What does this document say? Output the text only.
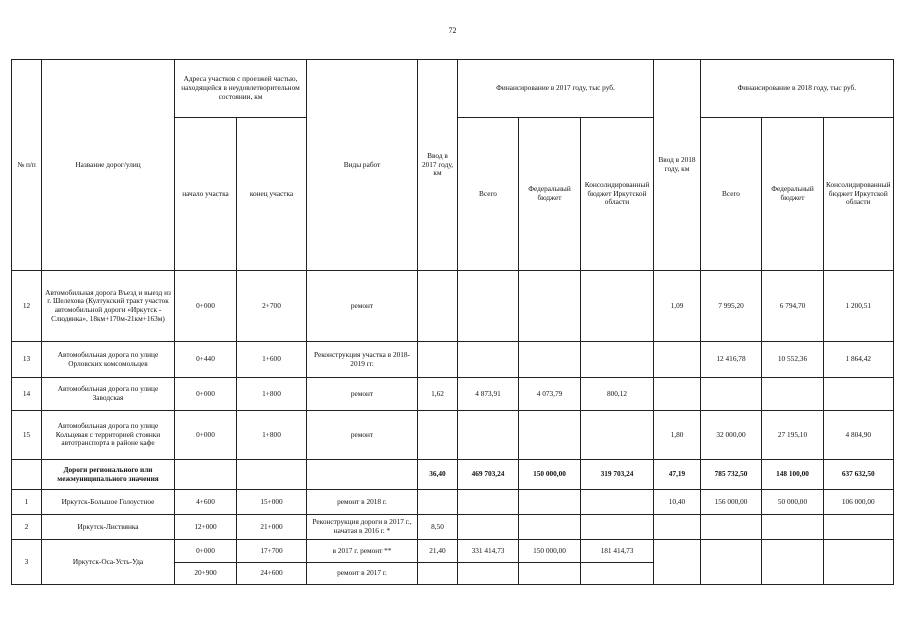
72
№ п/п	Название дорог/улиц	Адреса участков с проезжей частью, находящейся в неудовлетворительном состоянии, км		Виды работ	Ввод в 2017 году, км	Финансирование в 2017 году, тыс руб.			Ввод в 2018 году, км	Финансирование в 2018 году, тыс руб.		
		начало участка	конец участка			Всего	Федеральный бюджет	Консолидированный бюджет Иркутской области		Всего	Федеральный бюджет	Консолидированный бюджет Иркутской области
12	Автомобильная дорога Въезд и выезд из г. Шелехова (Култукский тракт участок автомобильной дороги «Иркутск - Слюдянка», 18км+170м-21км+163м)	0+000	2+700	ремонт					1,09	7 995,20	6 794,70	1 200,51
13	Автомобильная дорога по улице Орловских комсомольцев	0+440	1+600	Реконструкция участка в 2018-2019 гг.						12 416,78	10 552,36	1 864,42
14	Автомобильная дорога по улице Заводская	0+000	1+800	ремонт	1,62	4 873,91	4 073,79	800,12				
15	Автомобильная дорога по улице Кольцевая с территорией стоянки автотранспорта в районе кафе	0+000	1+800	ремонт					1,80	32 000,00	27 195,10	4 804,90
	Дороги регионального или межмуниципального значения				36,40	469 703,24	150 000,00	319 703,24	47,19	785 732,50	148 100,00	637 632,50
1	Иркутск-Большое Голоустное	4+600	15+000	ремонт в 2018 г.					10,40	156 000,00	50 000,00	106 000,00
2	Иркутск-Листвянка	12+000	21+000	Реконструкция дороги в 2017 г., начатая в 2016 г. *	8,50							
3	Иркутск-Оса-Усть-Уда	0+000	17+700	в 2017 г. ремонт **	21,40	331 414,73	150 000,00	181 414,73				
		20+900	24+600	ремонт в 2017 г.								
